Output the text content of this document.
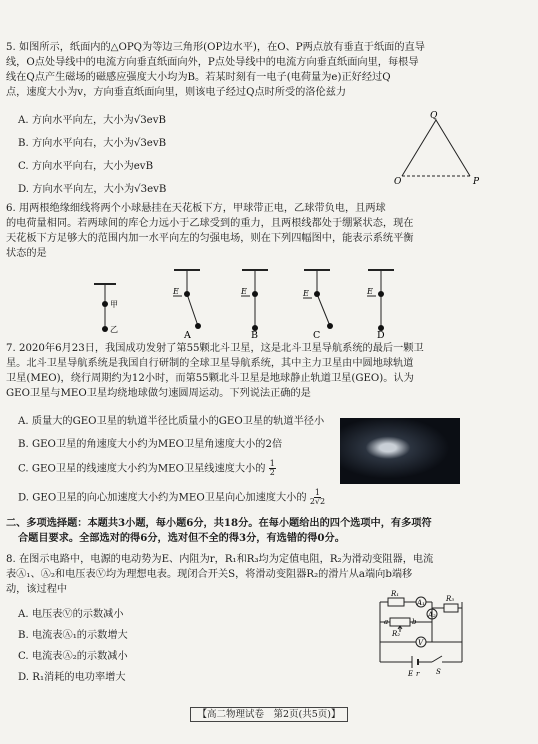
5. 如图所示，纸面内的△OPQ为等边三角形(OP边水平)，在O、P两点放有垂直于纸面的直导
线，O点处导线中的电流方向垂直纸面向外，P点处导线中的电流方向垂直纸面向里，每根导
线在Q点产生磁场的磁感应强度大小均为B。若某时刻有一电子(电荷量为e)正好经过Q
点，速度大小为v，方向垂直纸面向里，则该电子经过Q点时所受的洛伦兹力
A. 方向水平向左，大小为√3evB
B. 方向水平向右，大小为√3evB
C. 方向水平向右，大小为evB
D. 方向水平向左，大小为√3evB
Q
O	P
6. 用两根绝缘细线将两个小球悬挂在天花板下方，甲球带正电，乙球带负电，且两球
的电荷量相同。若两球间的库仑力远小于乙球受到的重力，且两根线都处于绷紧状态，现在
天花板下方足够大的范围内加一水平向左的匀强电场，则在下列四幅图中，能表示系统平衡
状态的是
甲
乙
E	E	E	E
A	B	C	D
7. 2020年6月23日，我国成功发射了第55颗北斗卫星，这是北斗卫星导航系统的最后一颗卫
星。北斗卫星导航系统是我国自行研制的全球卫星导航系统，其中主力卫星由中圆地球轨道
卫星(MEO)，绕行周期约为12小时，而第55颗北斗卫星是地球静止轨道卫星(GEO)。认为
GEO卫星与MEO卫星均绕地球做匀速圆周运动。下列说法正确的是
A. 质量大的GEO卫星的轨道半径比质量小的GEO卫星的轨道半径小
B. GEO卫星的角速度大小约为MEO卫星角速度大小的2倍
C. GEO卫星的线速度大小约为MEO卫星线速度大小的 $\frac{1}{2}$
D. GEO卫星的向心加速度大小约为MEO卫星向心加速度大小的 $\frac{1}{2√2}$
二、多项选择题：本题共3小题，每小题6分，共18分。在每小题给出的四个选项中，有多项符
合题目要求。全部选对的得6分，选对但不全的得3分，有选错的得0分。
8. 在图示电路中，电源的电动势为E、内阻为r，R₁和R₃均为定值电阻，R₂为滑动变阻器，电流
表Ⓐ₁、Ⓐ₂和电压表Ⓥ均为理想电表。现闭合开关S，将滑动变阻器R₂的滑片从a端向b端移
动，该过程中
A. 电压表Ⓥ的示数减小
B. 电流表Ⓐ₁的示数增大
C. 电流表Ⓐ₂的示数减小
D. R₁消耗的电功率增大
R₁
A₁
A₂
R₃
R₂
a	b
V
E r S
【高二物理试卷　第2页(共5页)】
